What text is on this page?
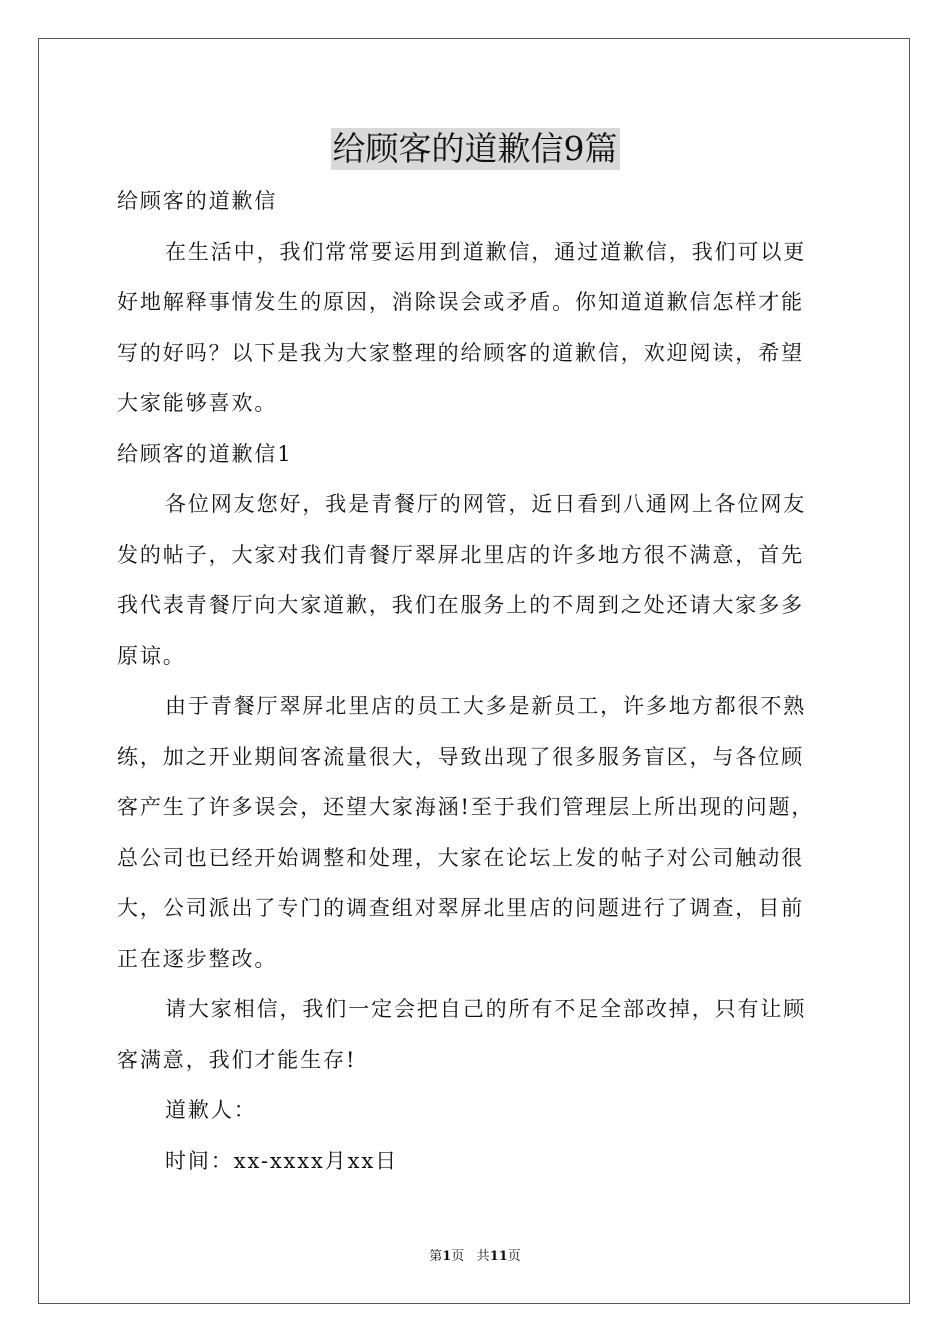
给顾客的道歉信9篇
给顾客的道歉信
在生活中，我们常常要运用到道歉信，通过道歉信，我们可以更
好地解释事情发生的原因，消除误会或矛盾。你知道道歉信怎样才能
写的好吗？以下是我为大家整理的给顾客的道歉信，欢迎阅读，希望
大家能够喜欢。
给顾客的道歉信1
各位网友您好，我是青餐厅的网管，近日看到八通网上各位网友
发的帖子，大家对我们青餐厅翠屏北里店的许多地方很不满意，首先
我代表青餐厅向大家道歉，我们在服务上的不周到之处还请大家多多
原谅。
由于青餐厅翠屏北里店的员工大多是新员工，许多地方都很不熟
练，加之开业期间客流量很大，导致出现了很多服务盲区，与各位顾
客产生了许多误会，还望大家海涵!至于我们管理层上所出现的问题，
总公司也已经开始调整和处理，大家在论坛上发的帖子对公司触动很
大，公司派出了专门的调查组对翠屏北里店的问题进行了调查，目前
正在逐步整改。
请大家相信，我们一定会把自己的所有不足全部改掉，只有让顾
客满意，我们才能生存!
道歉人：
时间：xx-xxxx月xx日
第1页 共11页
